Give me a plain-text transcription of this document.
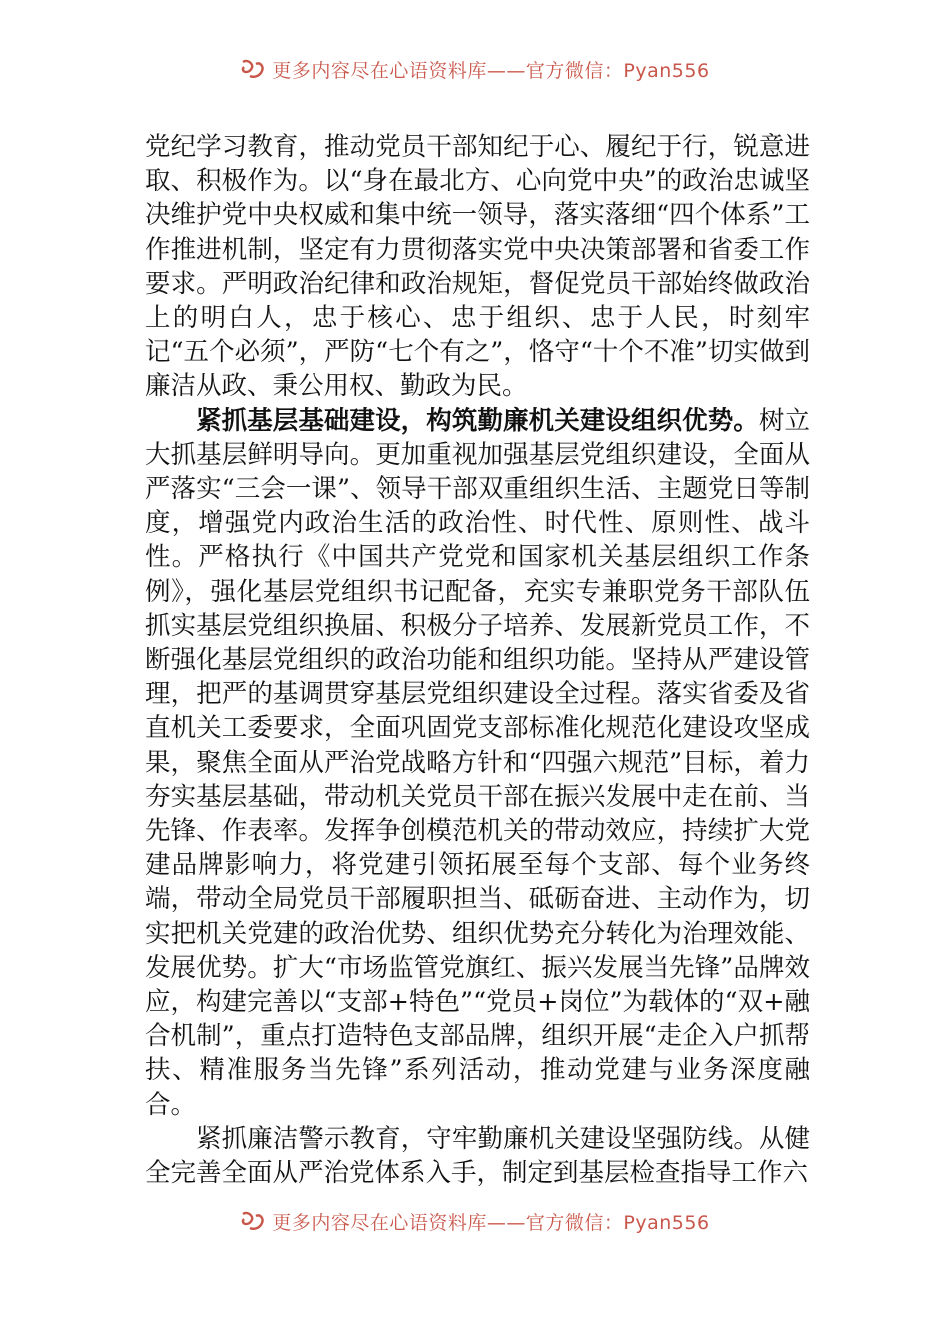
更多内容尽在心语资料库——官方微信：Pyan556

党纪学习教育，推动党员干部知纪于心、履纪于行，锐意进取、积极作为。以“身在最北方、心向党中央”的政治忠诚坚决维护党中央权威和集中统一领导，落实落细“四个体系”工作推进机制，坚定有力贯彻落实党中央决策部署和省委工作要求。严明政治纪律和政治规矩，督促党员干部始终做政治上的明白人，忠于核心、忠于组织、忠于人民，时刻牢记“五个必须”，严防“七个有之”，恪守“十个不准”切实做到廉洁从政、秉公用权、勤政为民。

紧抓基层基础建设，构筑勤廉机关建设组织优势。树立大抓基层鲜明导向。更加重视加强基层党组织建设，全面从严落实“三会一课”、领导干部双重组织生活、主题党日等制度，增强党内政治生活的政治性、时代性、原则性、战斗性。严格执行《中国共产党党和国家机关基层组织工作条例》，强化基层党组织书记配备，充实专兼职党务干部队伍抓实基层党组织换届、积极分子培养、发展新党员工作，不断强化基层党组织的政治功能和组织功能。坚持从严建设管理，把严的基调贯穿基层党组织建设全过程。落实省委及省直机关工委要求，全面巩固党支部标准化规范化建设攻坚成果，聚焦全面从严治党战略方针和“四强六规范”目标，着力夯实基层基础，带动机关党员干部在振兴发展中走在前、当先锋、作表率。发挥争创模范机关的带动效应，持续扩大党建品牌影响力，将党建引领拓展至每个支部、每个业务终端，带动全局党员干部履职担当、砥砺奋进、主动作为，切实把机关党建的政治优势、组织优势充分转化为治理效能、发展优势。扩大“市场监管党旗红、振兴发展当先锋”品牌效应，构建完善以“支部+特色”“党员+岗位”为载体的“双+融合机制”，重点打造特色支部品牌，组织开展“走企入户抓帮扶、精准服务当先锋”系列活动，推动党建与业务深度融合。

紧抓廉洁警示教育，守牢勤廉机关建设坚强防线。从健全完善全面从严治党体系入手，制定到基层检查指导工作六

更多内容尽在心语资料库——官方微信：Pyan556
